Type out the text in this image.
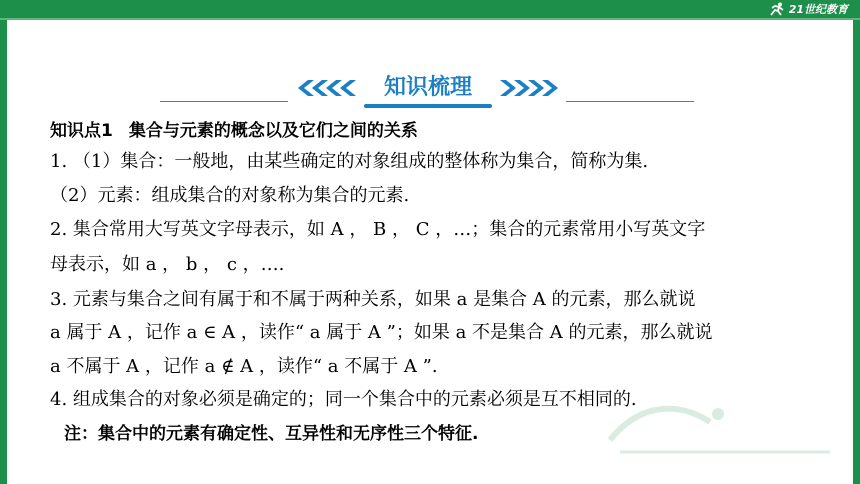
21世纪教育
知识梳理
知识点1 集合与元素的概念以及它们之间的关系
1. （1）集合：一般地，由某些确定的对象组成的整体称为集合，简称为集.
（2）元素：组成集合的对象称为集合的元素.
2. 集合常用大写英文字母表示，如 A ， B ， C ，…；集合的元素常用小写英文字
母表示，如 a ， b ， c ，….
3. 元素与集合之间有属于和不属于两种关系，如果 a 是集合 A 的元素，那么就说
a 属于 A ，记作 a ∈ A ，读作“ a 属于 A ”；如果 a 不是集合 A 的元素，那么就说
a 不属于 A ，记作 a ∉ A ，读作“ a 不属于 A ”.
4. 组成集合的对象必须是确定的；同一个集合中的元素必须是互不相同的.
注：集合中的元素有确定性、互异性和无序性三个特征.
